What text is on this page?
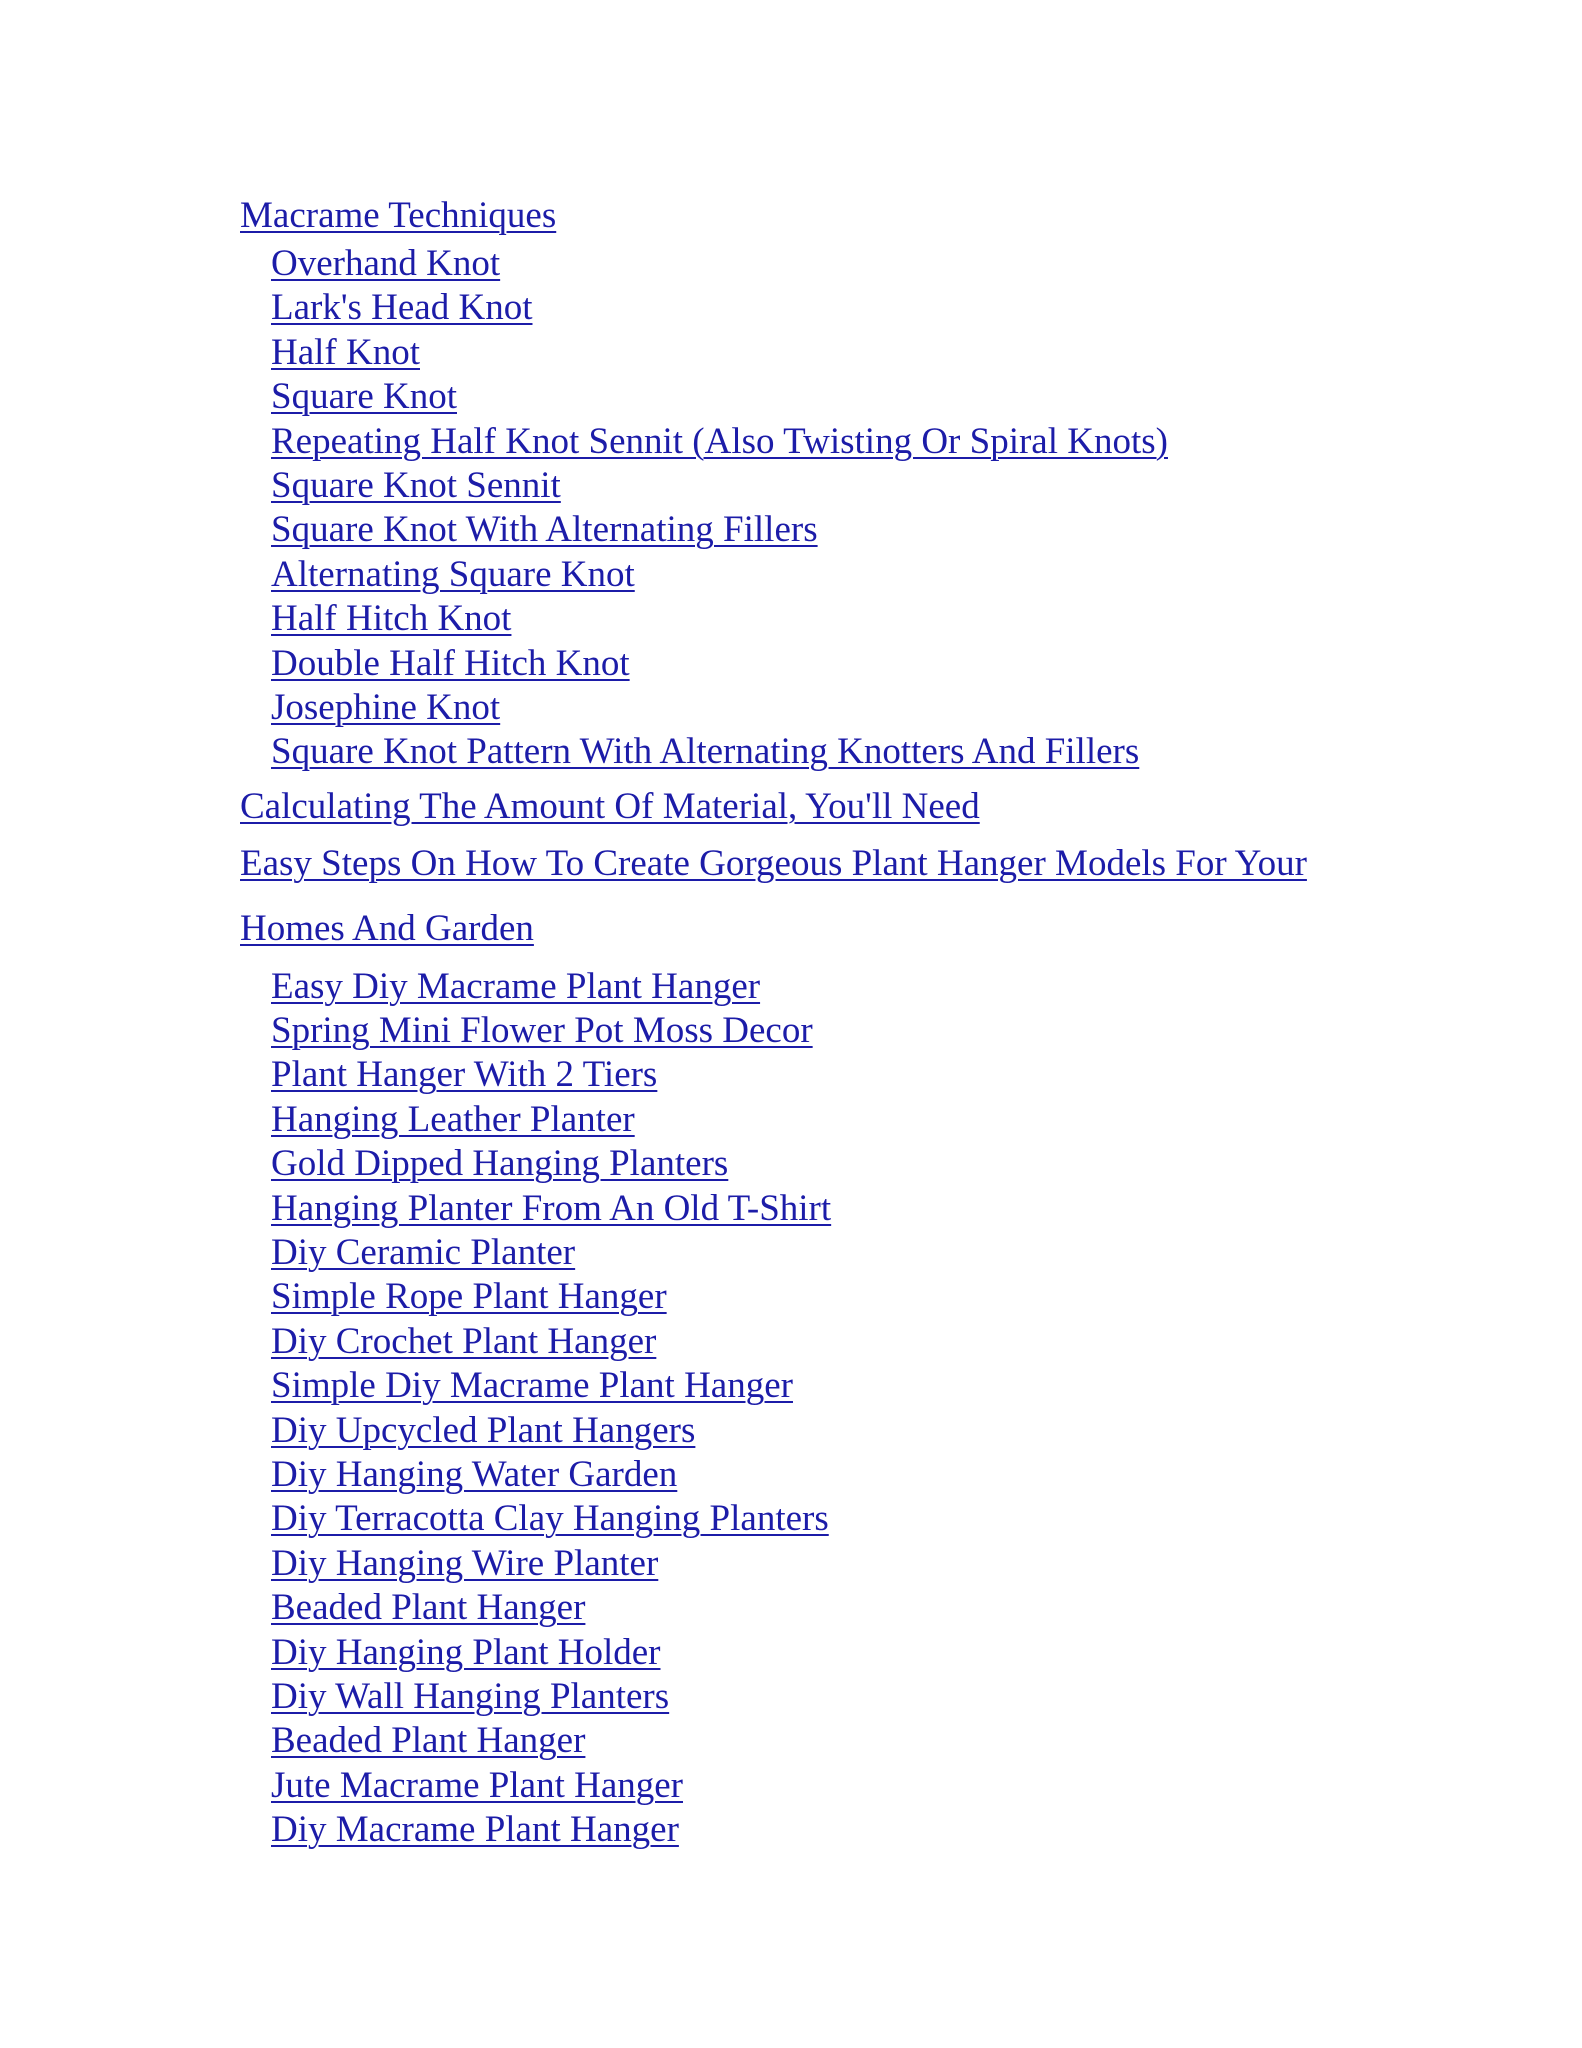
Macrame Techniques
Overhand Knot
Lark's Head Knot
Half Knot
Square Knot
Repeating Half Knot Sennit (Also Twisting Or Spiral Knots)
Square Knot Sennit
Square Knot With Alternating Fillers
Alternating Square Knot
Half Hitch Knot
Double Half Hitch Knot
Josephine Knot
Square Knot Pattern With Alternating Knotters And Fillers
Calculating The Amount Of Material, You'll Need
Easy Steps On How To Create Gorgeous Plant Hanger Models For Your
Homes And Garden
Easy Diy Macrame Plant Hanger
Spring Mini Flower Pot Moss Decor
Plant Hanger With 2 Tiers
Hanging Leather Planter
Gold Dipped Hanging Planters
Hanging Planter From An Old T-Shirt
Diy Ceramic Planter
Simple Rope Plant Hanger
Diy Crochet Plant Hanger
Simple Diy Macrame Plant Hanger
Diy Upcycled Plant Hangers
Diy Hanging Water Garden
Diy Terracotta Clay Hanging Planters
Diy Hanging Wire Planter
Beaded Plant Hanger
Diy Hanging Plant Holder
Diy Wall Hanging Planters
Beaded Plant Hanger
Jute Macrame Plant Hanger
Diy Macrame Plant Hanger
